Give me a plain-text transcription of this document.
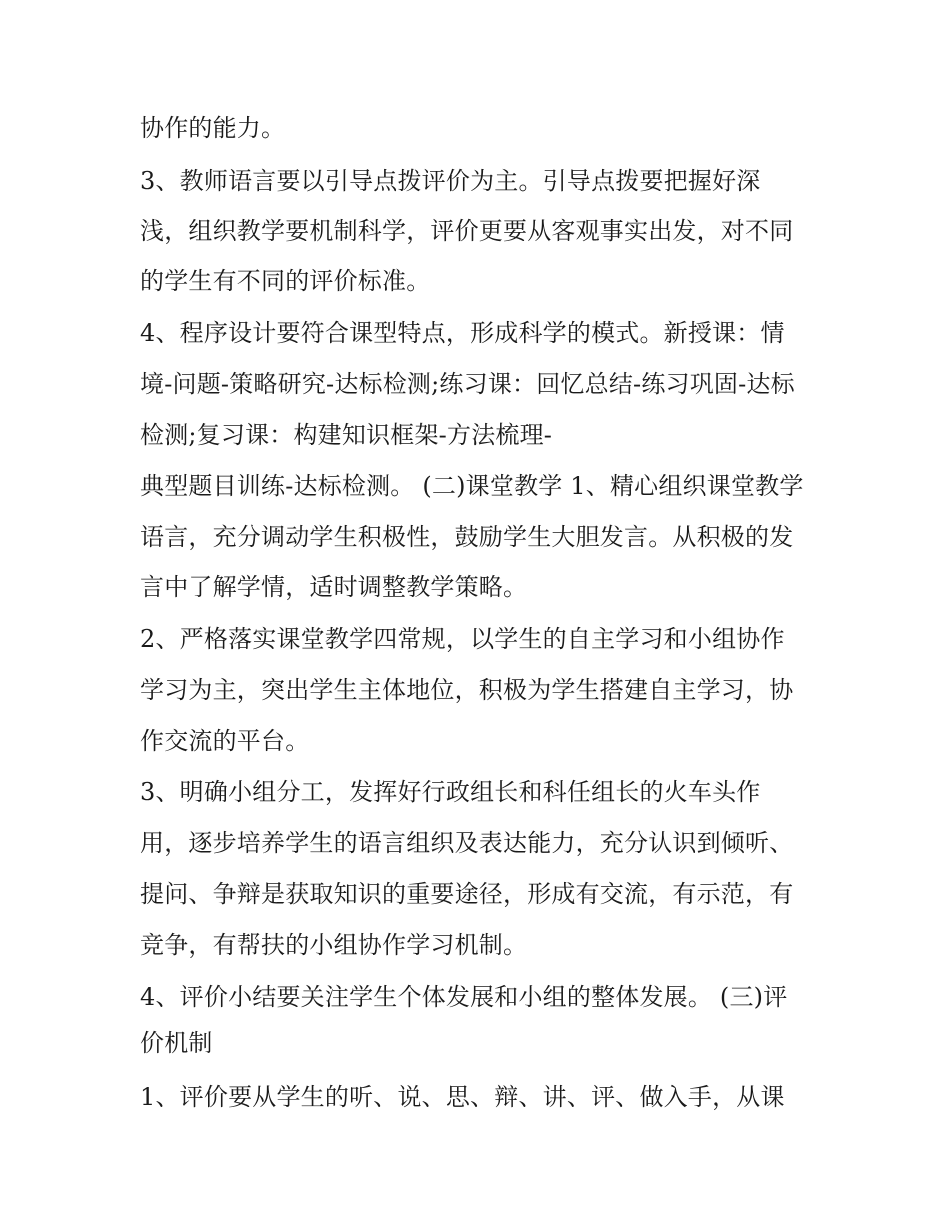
协作的能力。
3、教师语言要以引导点拨评价为主。引导点拨要把握好深
浅，组织教学要机制科学，评价更要从客观事实出发，对不同
的学生有不同的评价标准。
4、程序设计要符合课型特点，形成科学的模式。新授课：情
境-问题-策略研究-达标检测;练习课：回忆总结-练习巩固-达标
检测;复习课：构建知识框架-方法梳理-
典型题目训练-达标检测。 (二)课堂教学 1、精心组织课堂教学
语言，充分调动学生积极性，鼓励学生大胆发言。从积极的发
言中了解学情，适时调整教学策略。
2、严格落实课堂教学四常规，以学生的自主学习和小组协作
学习为主，突出学生主体地位，积极为学生搭建自主学习，协
作交流的平台。
3、明确小组分工，发挥好行政组长和科任组长的火车头作
用，逐步培养学生的语言组织及表达能力，充分认识到倾听、
提问、争辩是获取知识的重要途径，形成有交流，有示范，有
竞争，有帮扶的小组协作学习机制。
4、评价小结要关注学生个体发展和小组的整体发展。 (三)评
价机制
1、评价要从学生的听、说、思、辩、讲、评、做入手，从课
